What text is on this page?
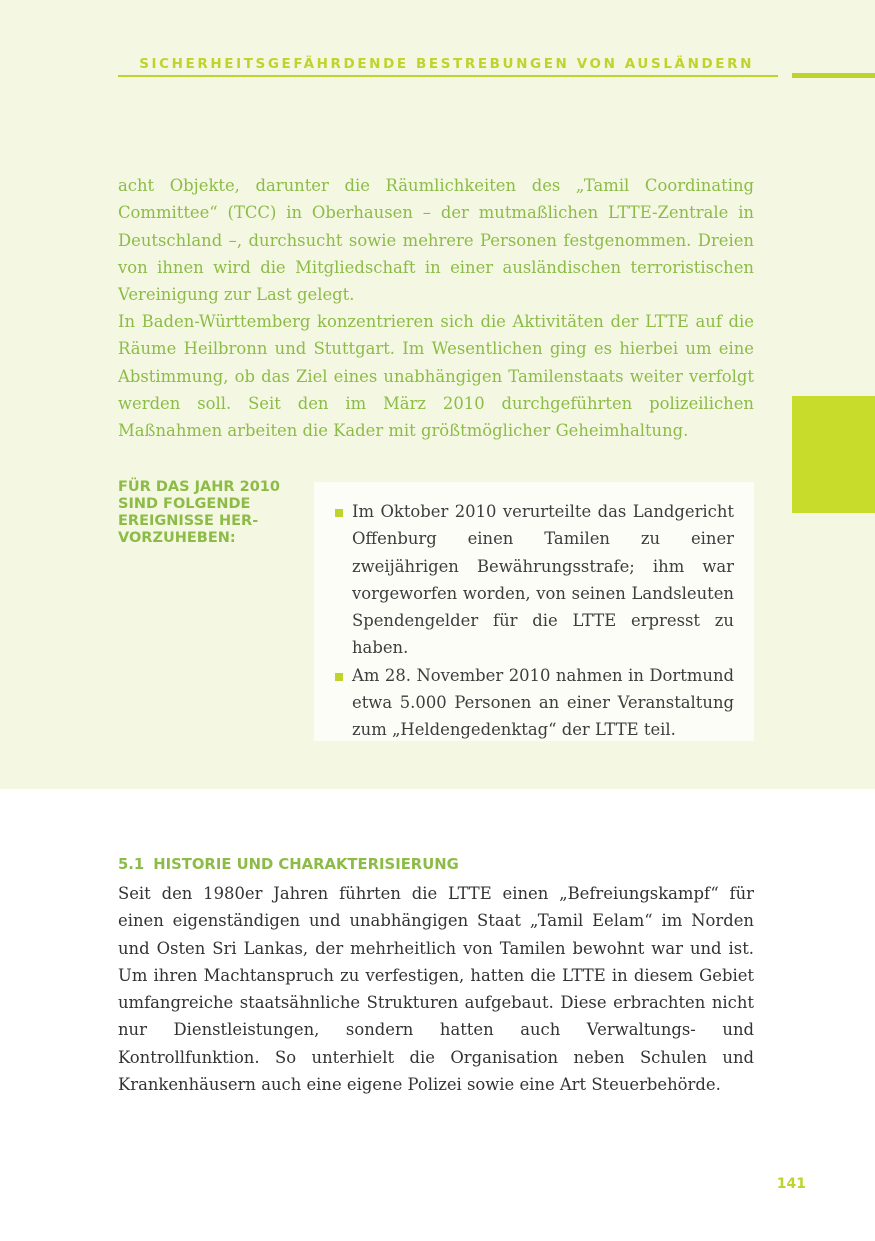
SICHERHEITSGEFÄHRDENDE BESTREBUNGEN VON AUSLÄNDERN

acht Objekte, darunter die Räumlichkeiten des „Tamil Coordinating Committee“ (TCC) in Oberhausen – der mutmaßlichen LTTE-Zentrale in Deutschland –, durchsucht sowie mehrere Personen festgenommen. Dreien von ihnen wird die Mitgliedschaft in einer ausländischen terroristischen Vereinigung zur Last gelegt.

In Baden-Württemberg konzentrieren sich die Aktivitäten der LTTE auf die Räume Heilbronn und Stuttgart. Im Wesentlichen ging es hierbei um eine Abstimmung, ob das Ziel eines unabhängigen Tamilenstaats weiter verfolgt werden soll. Seit den im März 2010 durchgeführten polizeilichen Maßnahmen arbeiten die Kader mit größtmöglicher Geheimhaltung.

FÜR DAS JAHR 2010 SIND FOLGENDE EREIGNISSE HERVORZUHEBEN:
Im Oktober 2010 verurteilte das Landgericht Offenburg einen Tamilen zu einer zweijährigen Bewährungsstrafe; ihm war vorgeworfen worden, von seinen Landsleuten Spendengelder für die LTTE erpresst zu haben.
Am 28. November 2010 nahmen in Dortmund etwa 5.000 Personen an einer Veranstaltung zum „Heldengedenktag“ der LTTE teil.
5.1 HISTORIE UND CHARAKTERISIERUNG

Seit den 1980er Jahren führten die LTTE einen „Befreiungskampf“ für einen eigenständigen und unabhängigen Staat „Tamil Eelam“ im Norden und Osten Sri Lankas, der mehrheitlich von Tamilen bewohnt war und ist. Um ihren Machtanspruch zu verfestigen, hatten die LTTE in diesem Gebiet umfangreiche staatsähnliche Strukturen aufgebaut. Diese erbrachten nicht nur Dienstleistungen, sondern hatten auch Verwaltungs- und Kontrollfunktion. So unterhielt die Organisation neben Schulen und Krankenhäusern auch eine eigene Polizei sowie eine Art Steuerbehörde.

141
